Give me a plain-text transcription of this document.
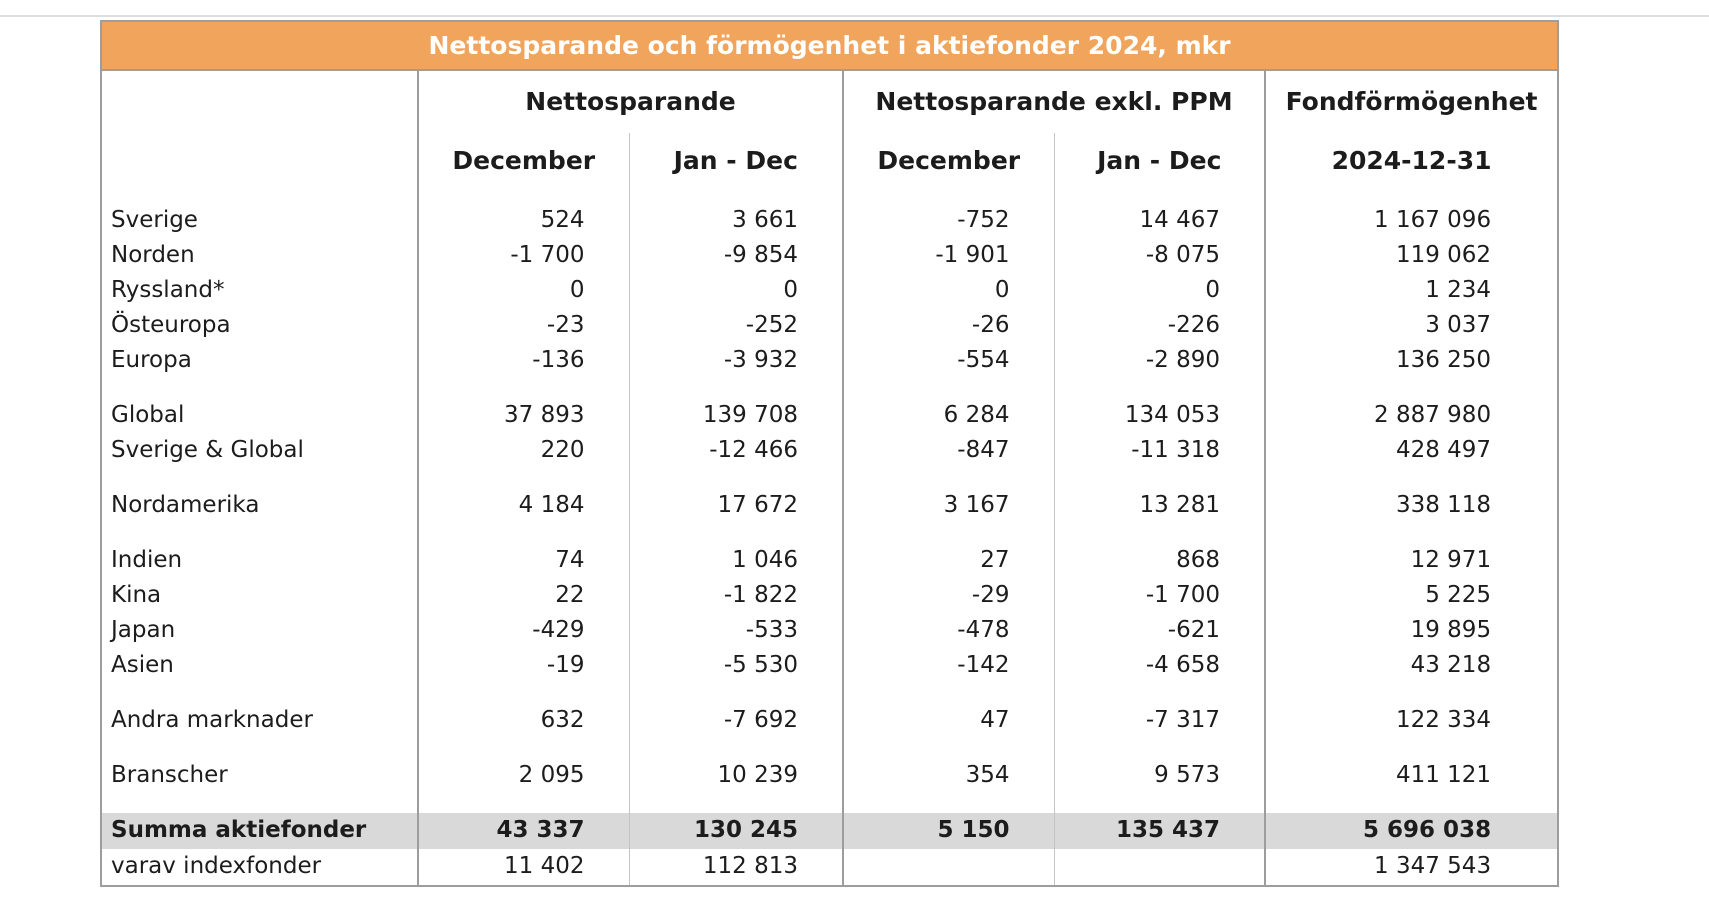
Nettosparande och förmögenhet i aktiefonder 2024, mkr					
	Nettosparande		Nettosparande exkl. PPM		Fondförmögenhet
	December	Jan - Dec	December	Jan - Dec	2024-12-31
Sverige	524	3 661	-752	14 467	1 167 096
Norden	-1 700	-9 854	-1 901	-8 075	119 062
Ryssland*	0	0	0	0	1 234
Östeuropa	-23	-252	-26	-226	3 037
Europa	-136	-3 932	-554	-2 890	136 250

Global	37 893	139 708	6 284	134 053	2 887 980
Sverige & Global	220	-12 466	-847	-11 318	428 497

Nordamerika	4 184	17 672	3 167	13 281	338 118

Indien	74	1 046	27	868	12 971
Kina	22	-1 822	-29	-1 700	5 225
Japan	-429	-533	-478	-621	19 895
Asien	-19	-5 530	-142	-4 658	43 218

Andra marknader	632	-7 692	47	-7 317	122 334

Branscher	2 095	10 239	354	9 573	411 121

Summa aktiefonder	43 337	130 245	5 150	135 437	5 696 038
varav indexfonder	11 402	112 813			1 347 543
